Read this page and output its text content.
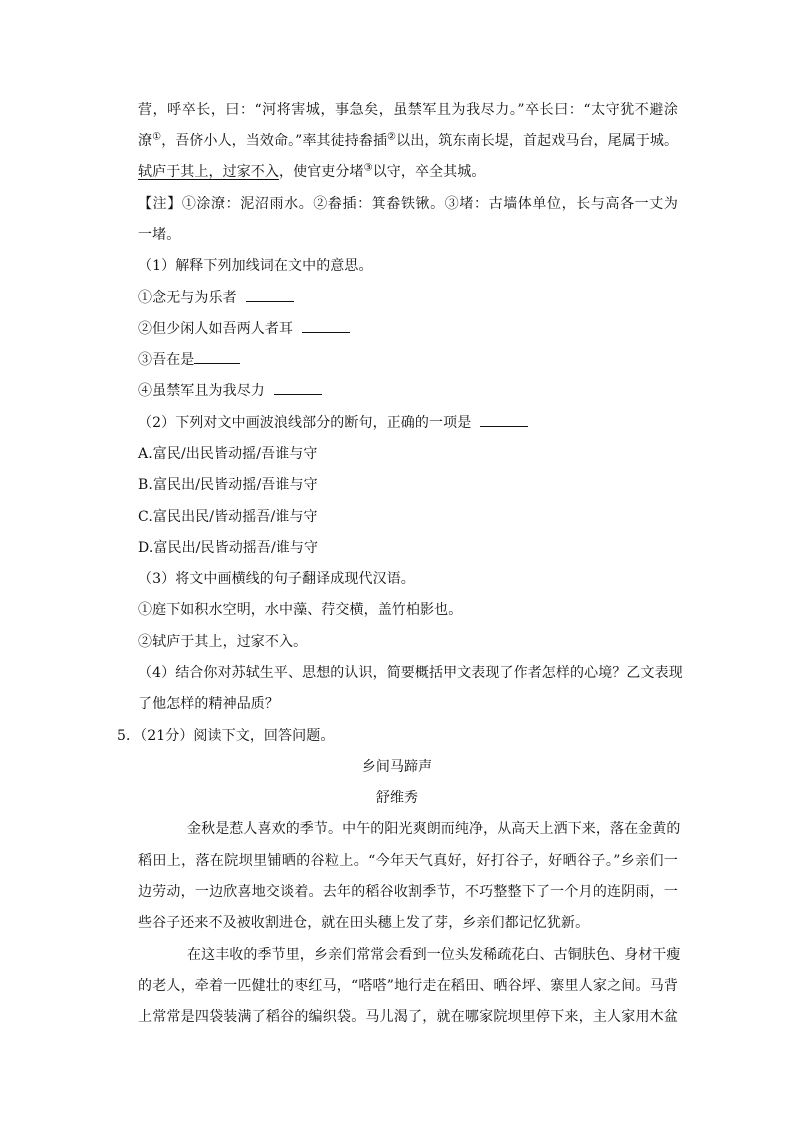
营，呼卒长，曰：“河将害城，事急矣，虽禁军且为我尽力。”卒长曰：“太守犹不避涂
潦①，吾侪小人，当效命。”率其徒持畚插②以出，筑东南长堤，首起戏马台，尾属于城。
轼庐于其上，过家不入，使官吏分堵③以守，卒全其城。
【注】①涂潦：泥沼雨水。②畚插：箕畚铁锹。③堵：古墙体单位，长与高各一丈为
一堵。
（1）解释下列加线词在文中的意思。
①念无与为乐者
②但少闲人如吾两人者耳
③吾在是
④虽禁军且为我尽力
（2）下列对文中画波浪线部分的断句，正确的一项是
A.富民/出民皆动摇/吾谁与守
B.富民出/民皆动摇/吾谁与守
C.富民出民/皆动摇吾/谁与守
D.富民出/民皆动摇吾/谁与守
（3）将文中画横线的句子翻译成现代汉语。
①庭下如积水空明，水中藻、荇交横，盖竹柏影也。
②轼庐于其上，过家不入。
（4）结合你对苏轼生平、思想的认识，简要概括甲文表现了作者怎样的心境？乙文表现
了他怎样的精神品质？
5．（21分）阅读下文，回答问题。
乡间马蹄声
舒维秀
金秋是惹人喜欢的季节。中午的阳光爽朗而纯净，从高天上洒下来，落在金黄的
稻田上，落在院坝里铺晒的谷粒上。“今年天气真好，好打谷子，好晒谷子。”乡亲们一
边劳动，一边欣喜地交谈着。去年的稻谷收割季节，不巧整整下了一个月的连阴雨，一
些谷子还来不及被收割进仓，就在田头穗上发了芽，乡亲们都记忆犹新。
在这丰收的季节里，乡亲们常常会看到一位头发稀疏花白、古铜肤色、身材干瘦
的老人，牵着一匹健壮的枣红马，“嗒嗒”地行走在稻田、晒谷坪、寨里人家之间。马背
上常常是四袋装满了稻谷的编织袋。马儿渴了，就在哪家院坝里停下来，主人家用木盆
